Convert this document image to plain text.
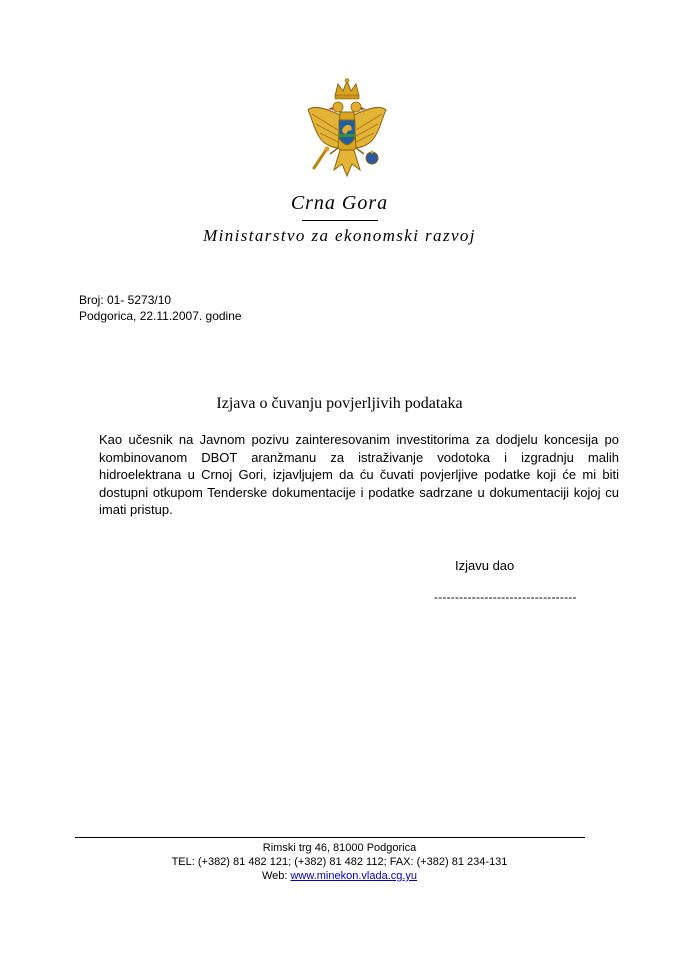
Crna Gora
Ministarstvo za ekonomski razvoj
Broj: 01- 5273/10
Podgorica, 22.11.2007. godine
Izjava o čuvanju povjerljivih podataka
Kao učesnik na Javnom pozivu zainteresovanim investitorima za dodjelu koncesija po kombinovanom DBOT aranžmanu za istraživanje vodotoka i izgradnju malih hidroelektrana u Crnoj Gori, izjavljujem da ću čuvati povjerljive podatke koji će mi biti dostupni otkupom Tenderske dokumentacije i podatke sadrzane u dokumentaciji kojoj cu imati pristup.
Izjavu dao
----------------------------------
Rimski trg 46, 81000 Podgorica
TEL: (+382) 81 482 121; (+382) 81 482 112; FAX: (+382) 81 234-131
Web: www.minekon.vlada.cg.yu
